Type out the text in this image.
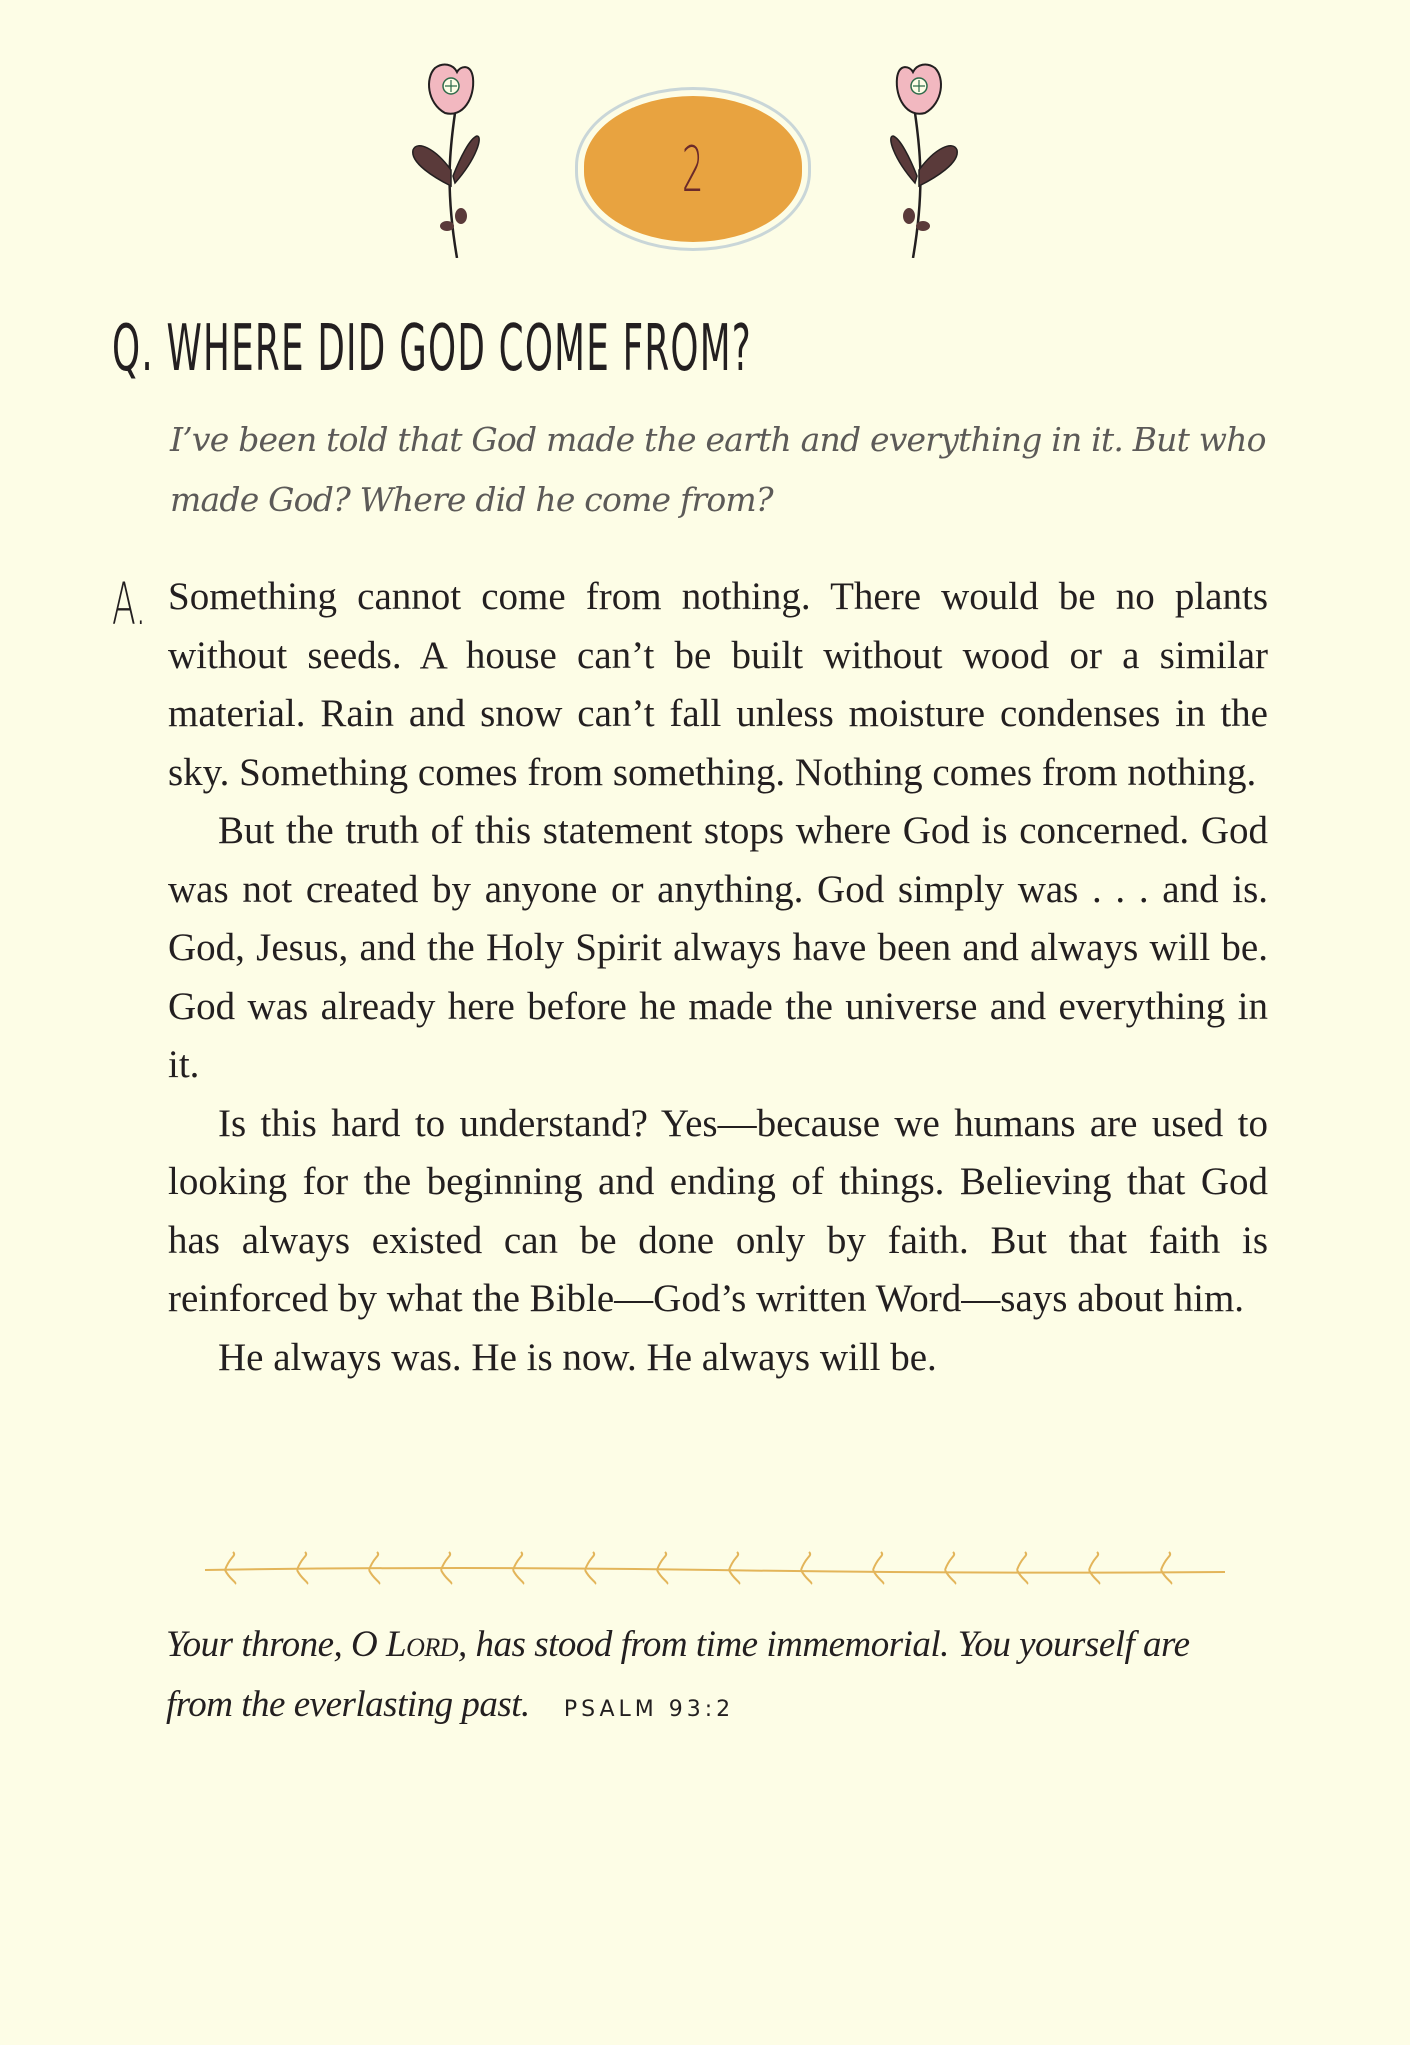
2
Q. WHERE DID GOD COME FROM?
I’ve been told that God made the earth and everything in it. But who made God? Where did he come from?
A. Something cannot come from nothing. There would be no plants without seeds. A house can’t be built without wood or a similar material. Rain and snow can’t fall unless moisture condenses in the sky. Something comes from something. Nothing comes from nothing.

But the truth of this statement stops where God is concerned. God was not created by anyone or anything. God simply was . . . and is. God, Jesus, and the Holy Spirit always have been and always will be. God was already here before he made the universe and everything in it.

Is this hard to understand? Yes—because we humans are used to looking for the beginning and ending of things. Believing that God has always existed can be done only by faith. But that faith is reinforced by what the Bible—God’s written Word—says about him.

He always was. He is now. He always will be.

Your throne, O Lord, has stood from time immemorial. You yourself are from the everlasting past. PSALM 93:2
